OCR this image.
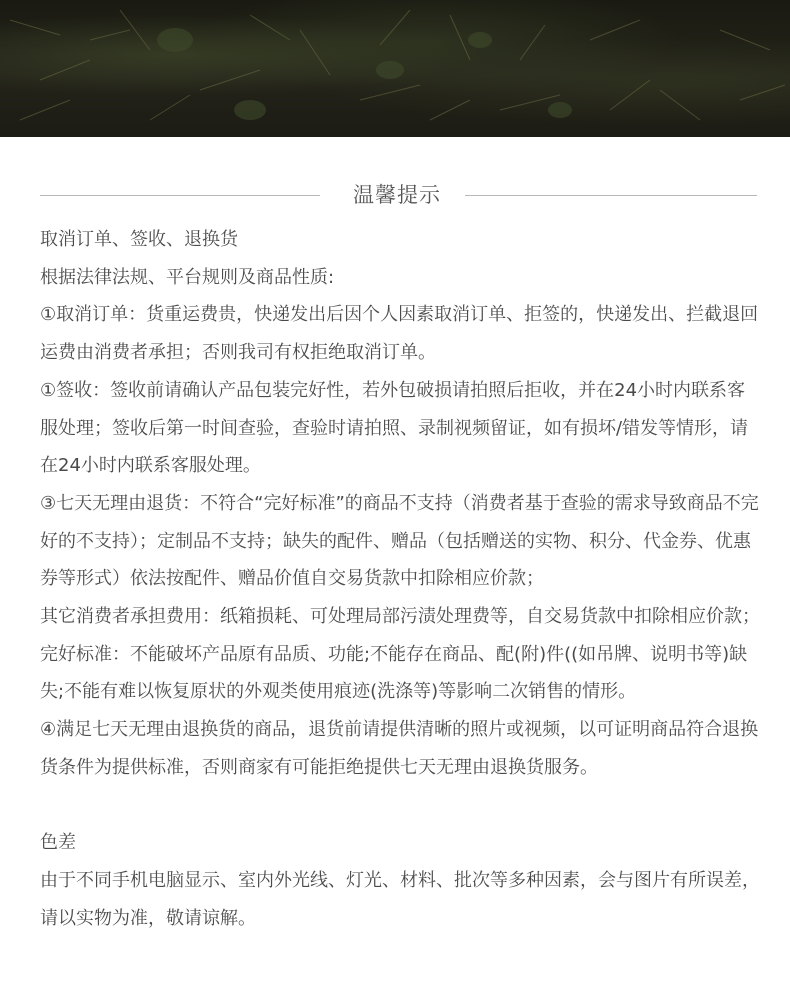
温馨提示

取消订单、签收、退换货

根据法律法规、平台规则及商品性质:

①取消订单：货重运费贵，快递发出后因个人因素取消订单、拒签的，快递发出、拦截退回运费由消费者承担；否则我司有权拒绝取消订单。

①签收：签收前请确认产品包装完好性，若外包破损请拍照后拒收，并在24小时内联系客服处理；签收后第一时间查验，查验时请拍照、录制视频留证，如有损坏/错发等情形，请在24小时内联系客服处理。

③七天无理由退货：不符合“完好标准”的商品不支持（消费者基于查验的需求导致商品不完好的不支持）；定制品不支持；缺失的配件、赠品（包括赠送的实物、积分、代金券、优惠券等形式）依法按配件、赠品价值自交易货款中扣除相应价款；

其它消费者承担费用：纸箱损耗、可处理局部污渍处理费等，自交易货款中扣除相应价款；

完好标准：不能破坏产品原有品质、功能;不能存在商品、配(附)件((如吊牌、说明书等)缺失;不能有难以恢复原状的外观类使用痕迹(洗涤等)等影响二次销售的情形。

④满足七天无理由退换货的商品，退货前请提供清晰的照片或视频，以可证明商品符合退换货条件为提供标准，否则商家有可能拒绝提供七天无理由退换货服务。

色差

由于不同手机电脑显示、室内外光线、灯光、材料、批次等多种因素，会与图片有所误差，请以实物为准，敬请谅解。
